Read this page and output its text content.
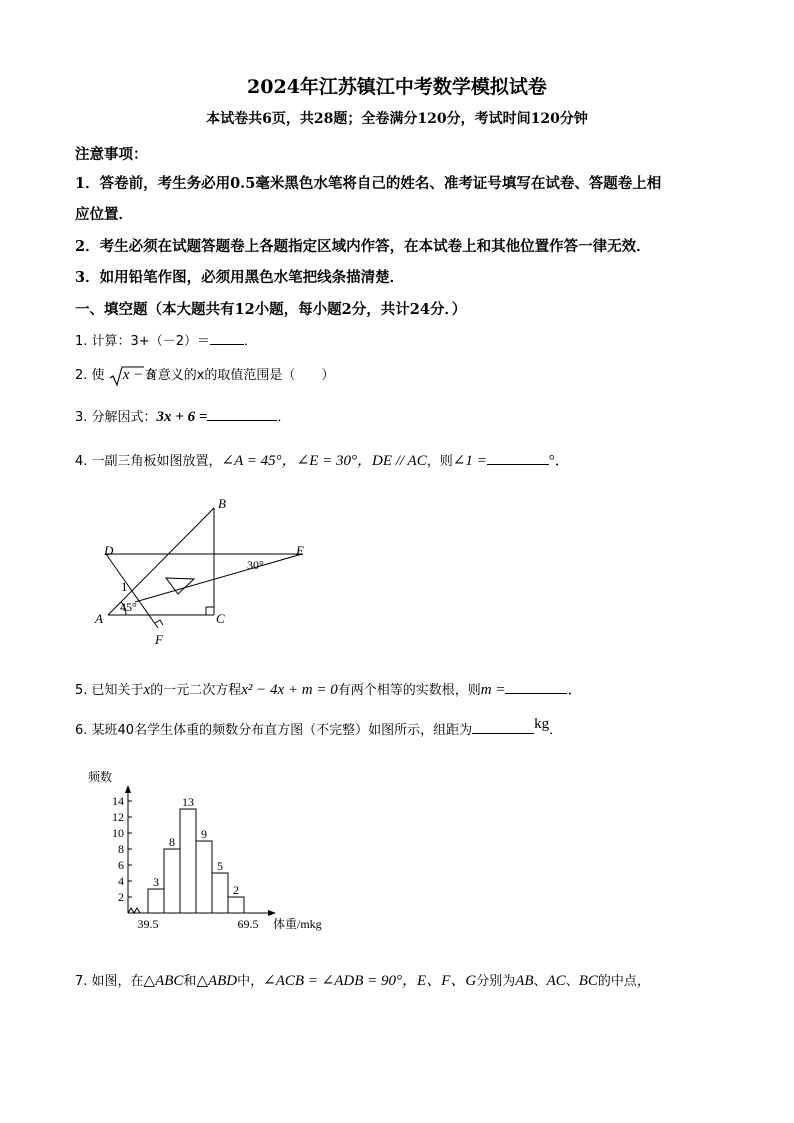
2024年江苏镇江中考数学模拟试卷
本试卷共6页，共28题；全卷满分120分，考试时间120分钟
注意事项：
1．答卷前，考生务必用0.5毫米黑色水笔将自己的姓名、准考证号填写在试卷、答题卷上相
应位置．
2．考生必须在试题答题卷上各题指定区域内作答，在本试卷上和其他位置作答一律无效．
3．如用铅笔作图，必须用黑色水笔把线条描清楚．
一、填空题（本大题共有12小题，每小题2分，共计24分．）
1. 计算：3+（－2）＝	．
2. 使 x − 3有意义的x的取值范围是（　　）
3. 分解因式：3x + 6 =	．
4. 一副三角板如图放置，∠A = 45°，∠E = 30°，DE // AC，则∠1 =	°．
B
D	E
A	C
F
1
45°
30°
5. 已知关于x的一元二次方程x² − 4x + m = 0有两个相等的实数根，则m =	．
6. 某班40名学生体重的频数分布直方图（不完整）如图所示，组距为	kg．
频数
体重/mkg
2
4
6
8
10
12
14
3
8
13
9
5
2
39.5	69.5
7. 如图，在△ABC和△ABD中，∠ACB = ∠ADB = 90°，E、F、G分别为AB、AC、BC的中点，
